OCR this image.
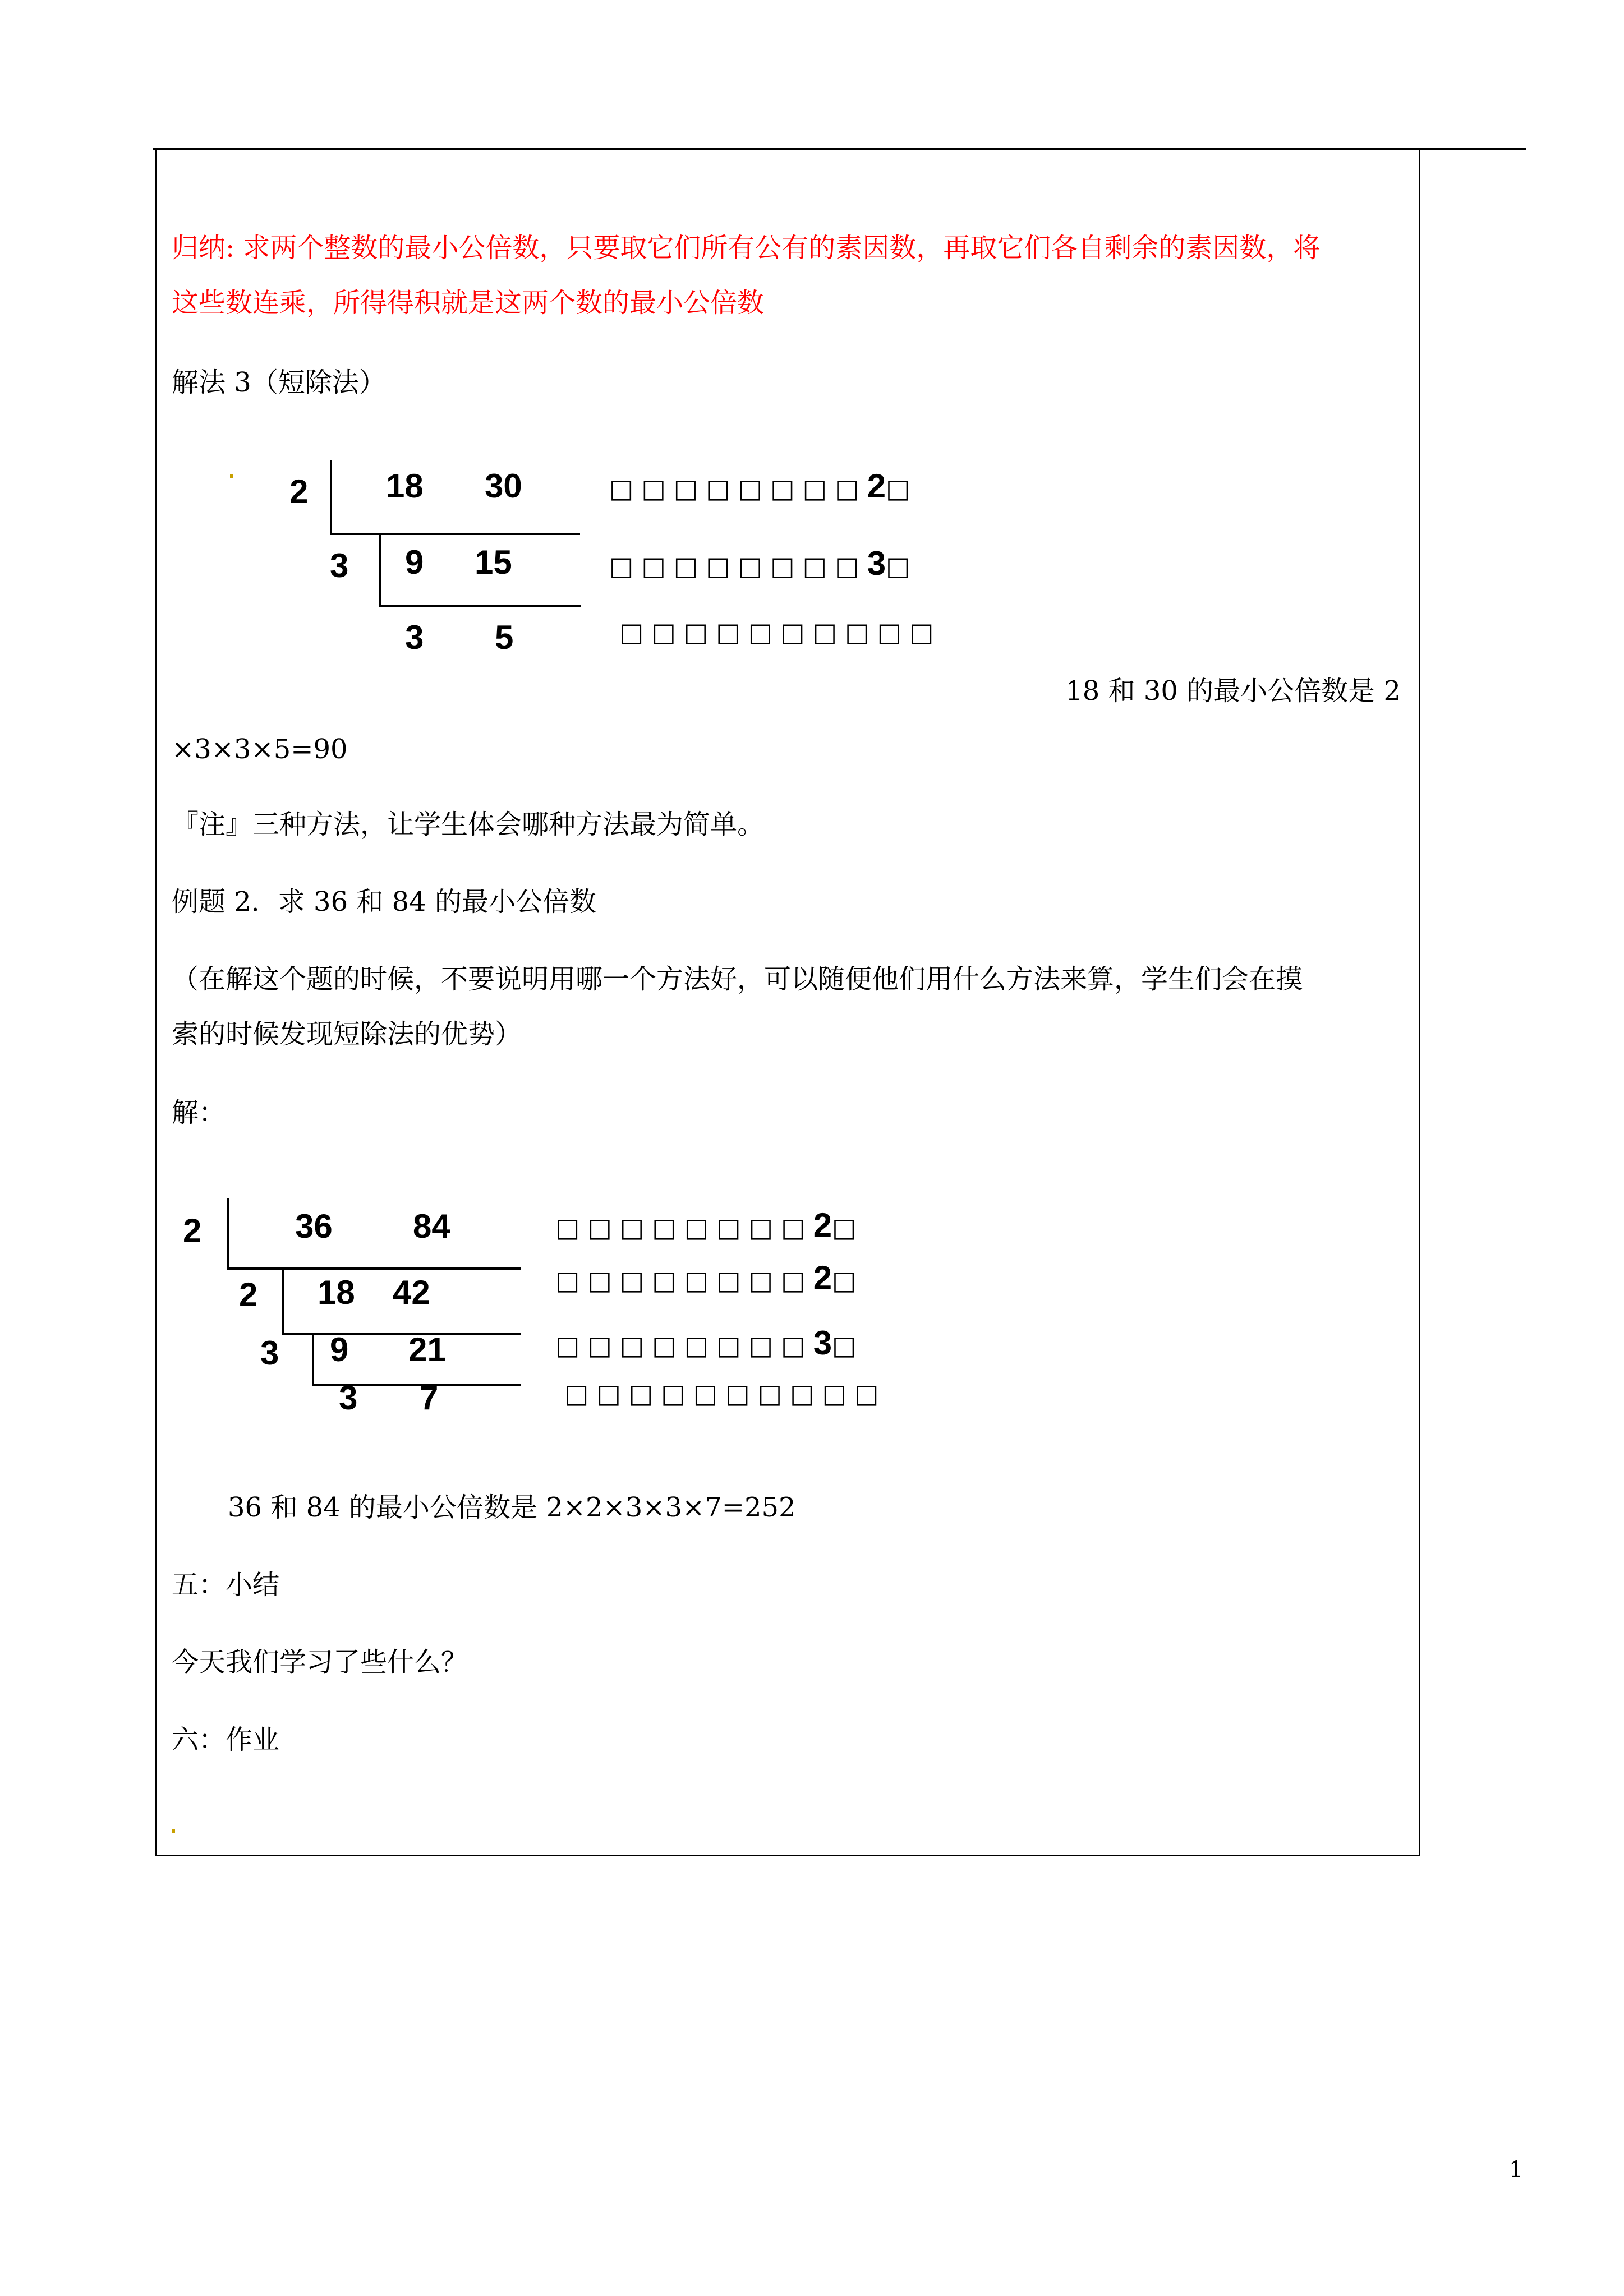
归纳: 求两个整数的最小公倍数，只要取它们所有公有的素因数，再取它们各自剩余的素因数，将
这些数连乘，所得得积就是这两个数的最小公倍数
解法 3（短除法）
2 18 30
3 9 15
3 5
□□□□□□□□2□
□□□□□□□□3□
□□□□□□□□□□
18 和 30 的最小公倍数是 2
×3×3×5=90
『注』三种方法，让学生体会哪种方法最为简单。
例题 2．求 36 和 84 的最小公倍数
（在解这个题的时候，不要说明用哪一个方法好，可以随便他们用什么方法来算，学生们会在摸
索的时候发现短除法的优势）
解：
2	36 84
2 18 42
3 9 21
3 7
□□□□□□□□2□
□□□□□□□□2□
□□□□□□□□3□
□□□□□□□□□□
36 和 84 的最小公倍数是 2×2×3×3×7=252
五：小结
今天我们学习了些什么？
六：作业
1
